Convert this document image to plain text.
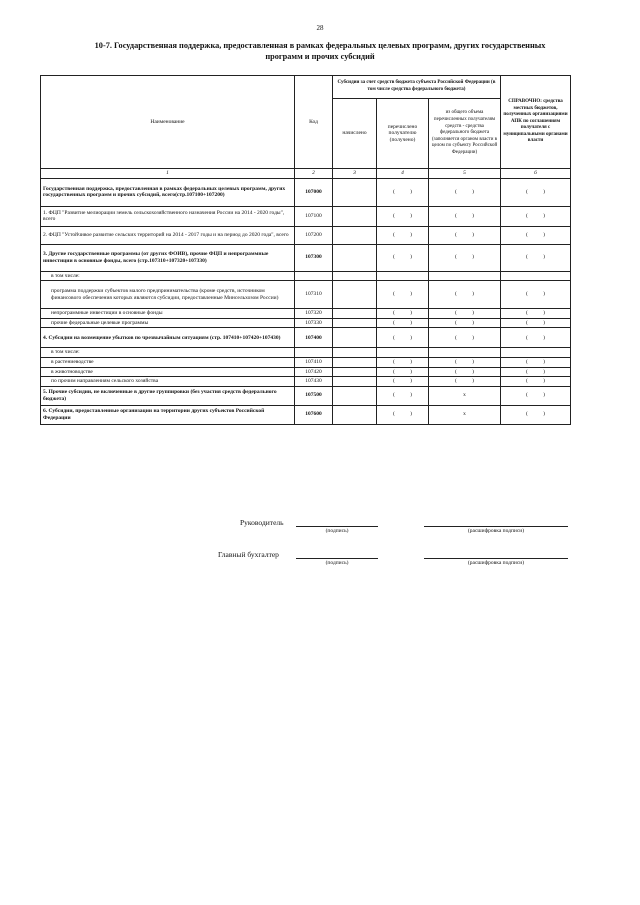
28
10-7. Государственная поддержка, предоставленная в рамках федеральных целевых программ, других государственных
программ и прочих субсидий
Наименование	Код	Субсидии за счет средств бюджета субъекта Российской Федерации (в том числе средства федерального бюджета)			СПРАВОЧНО: средства местных бюджетов, полученных организациями АПК по соглашениям получателя с муниципальными органами власти
		начислено	перечислено получателю (получено)	из общего объема перечисленных получателям средств - средства федерального бюджета (заполняется органом власти в целом по субъекту Российской Федерации)	
1	2	3	4	5	6
Государственная поддержка, предоставленная в рамках федеральных целевых программ, других государственных программ и прочих субсидий, всего(стр.107100+107200)	107000		( )	( )	( )
1. ФЦП "Развитие мелиорации земель сельскохозяйственного назначения России на 2014 - 2020 годы", всего	107100		( )	( )	( )
2. ФЦП "Устойчивое развитие сельских территорий на 2014 - 2017 годы и на период до 2020 года", всего	107200		( )	( )	( )
3. Другие государственные программы (от других ФОИВ), прочие ФЦП и непрограммные инвестиции в основные фонды, всего (стр.107310+107320+107330)	107300		( )	( )	( )
в том числе:					
программа поддержки субъектов малого предпринимательства (кроме средств, источником финансового обеспечения которых являются субсидии, предоставленные Минсельхозом России)	107310		( )	( )	( )
непрограммные инвестиции в основные фонды	107320		( )	( )	( )
прочие федеральные целевые программы	107330		( )	( )	( )
4. Субсидии на возмещение убытков по чрезвычайным ситуациям (стр. 107410+107420+107430)	107400		( )	( )	( )
в том числе:					
в растениеводстве	107410		( )	( )	( )
в животноводстве	107420		( )	( )	( )
по прочим направлениям сельского хозяйства	107430		( )	( )	( )
5. Прочие субсидии, не включенные в другие группировки (без участия средств федерального бюджета)	107500		( )	x	( )
6. Субсидии, предоставленные организации на территории других субъектов Российской Федерации	107600		( )	x	( )
Руководитель
(подпись)	(расшифровка подписи)
Главный бухгалтер
(подпись)	(расшифровка подписи)
